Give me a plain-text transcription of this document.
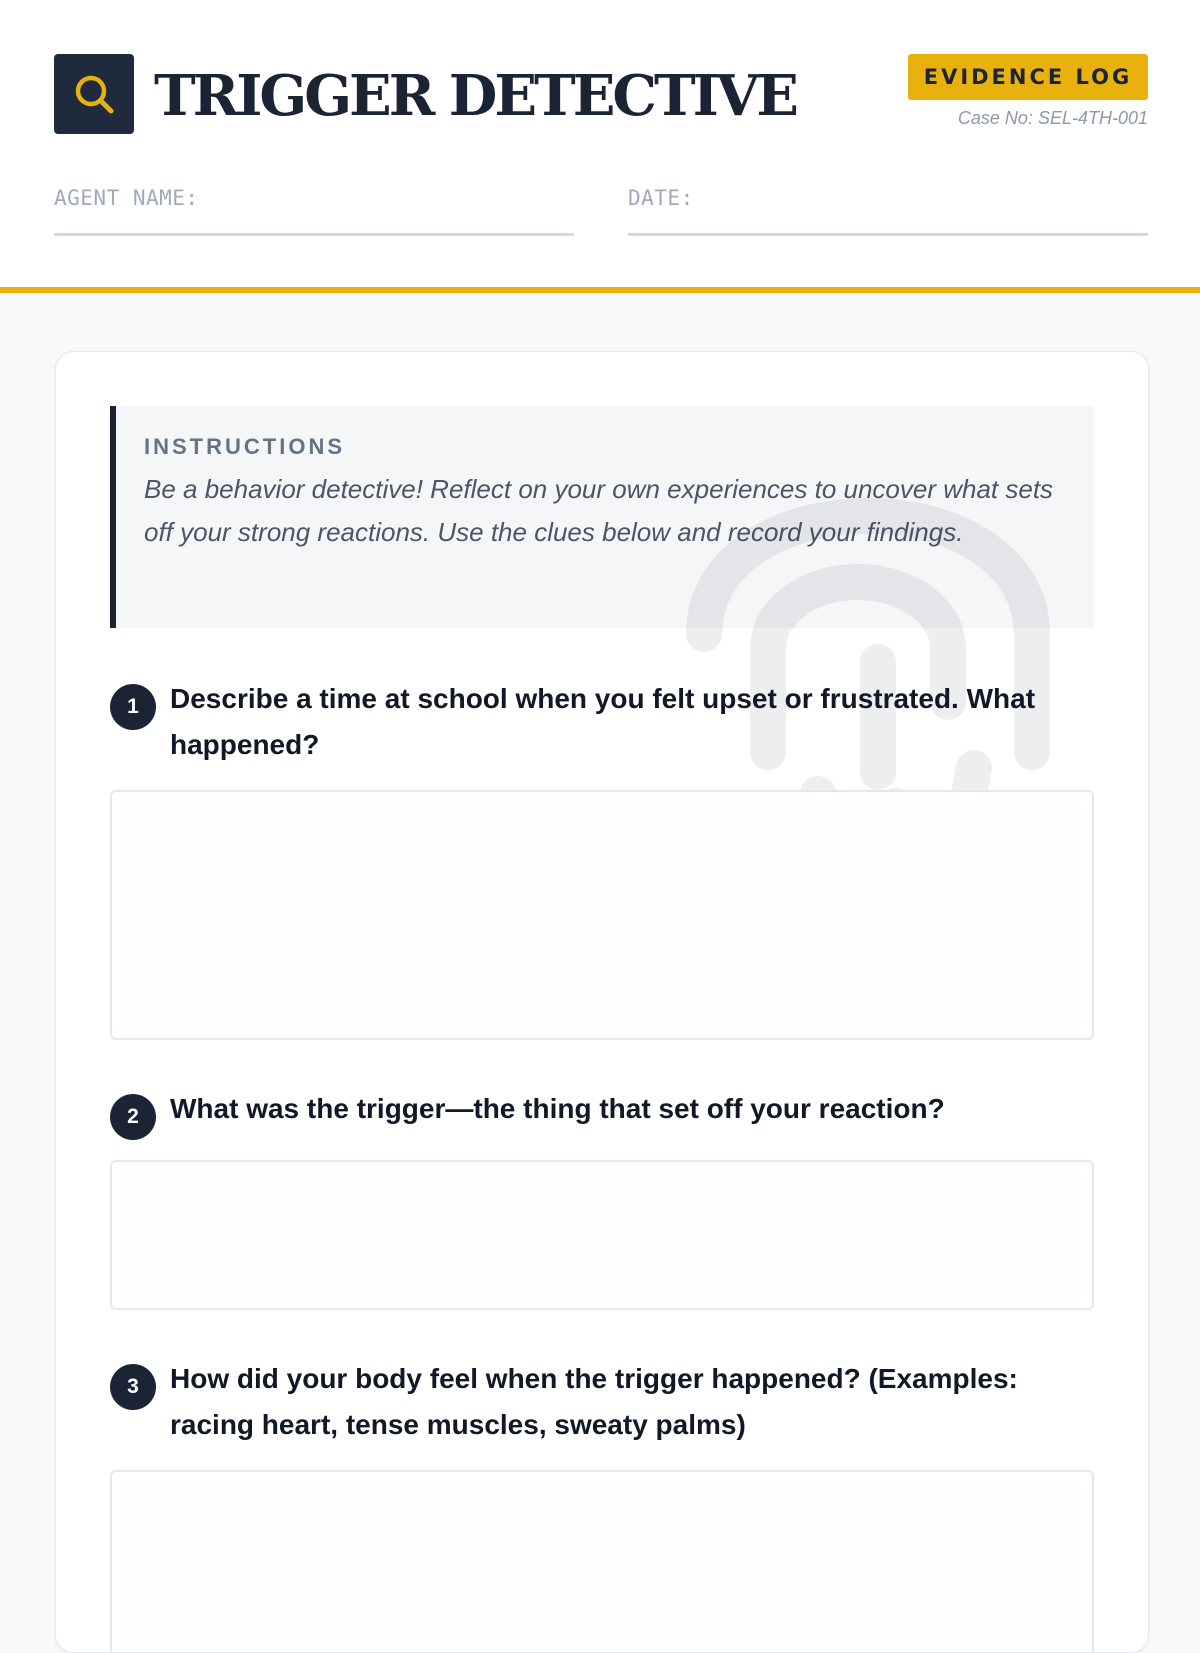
TRIGGER DETECTIVE	EVIDENCE LOG
Case No: SEL-4TH-001
AGENT NAME:	DATE:
INSTRUCTIONS
Be a behavior detective! Reflect on your own experiences to uncover what sets off your strong reactions. Use the clues below and record your findings.
1	Describe a time at school when you felt upset or frustrated. What happened?
2	What was the trigger—the thing that set off your reaction?
3	How did your body feel when the trigger happened? (Examples: racing heart, tense muscles, sweaty palms)
